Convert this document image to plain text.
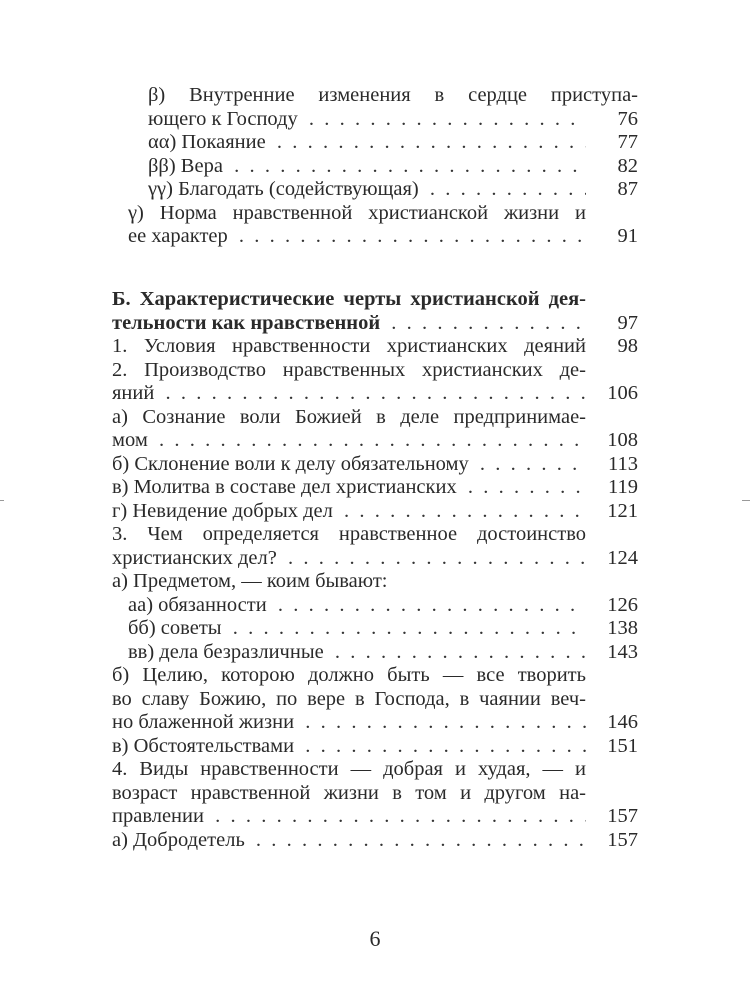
β) Внутренние изменения в сердце приступа-
ющего к Господу . .	76
αα) Покаяние . .	77
ββ) Вера . .	82
γγ) Благодать (содействующая) . .	87
γ) Норма нравственной христианской жизни и
ее характер . .	91
Б. Характеристические черты христианской дея-
тельности как нравственной . .	97
1. Условия нравственности христианских деяний	98
2. Производство нравственных христианских де-
яний . .	106
а) Сознание воли Божией в деле предпринимае-
мом . .	108
б) Склонение воли к делу обязательному . .	113
в) Молитва в составе дел христианских . .	119
г) Невидение добрых дел . .	121
3. Чем определяется нравственное достоинство
христианских дел? . .	124
а) Предметом, — коим бывают:
аа) обязанности . .	126
бб) советы . .	138
вв) дела безразличные . .	143
б) Целию, которою должно быть — все творить
во славу Божию, по вере в Господа, в чаянии веч-
но блаженной жизни . .	146
в) Обстоятельствами . .	151
4. Виды нравственности — добрая и худая, — и
возраст нравственной жизни в том и другом на-
правлении . .	157
а) Добродетель . .	157
6
